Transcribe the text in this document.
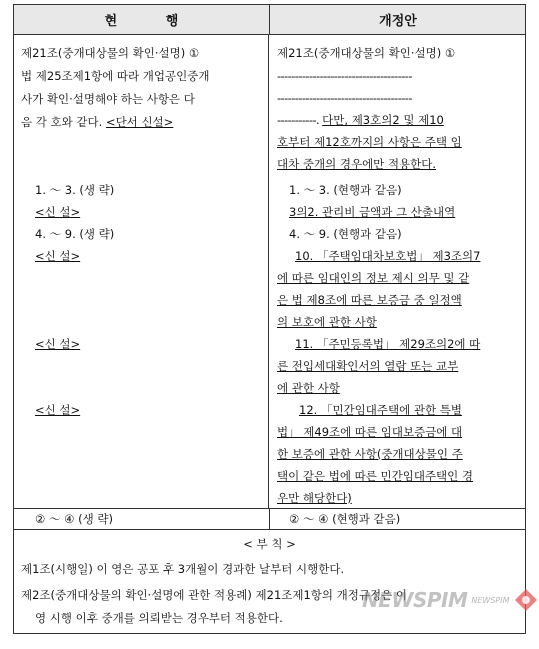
현 행	개정안
제21조(중개대상물의 확인·설명) ①
법 제25조제1항에 따라 개업공인중개
사가 확인·설명해야 하는 사항은 다
음 각 호와 같다. <단서 신설>
1. ～ 3. (생 략)
<신 설>
4. ～ 9. (생 략)
<신 설>
<신 설>
<신 설>
제21조(중개대상물의 확인·설명) ①
--------------------------------------
--------------------------------------
-----------. 다만, 제3호의2 및 제10
호부터 제12호까지의 사항은 주택 임
대차 중개의 경우에만 적용한다.
1. ～ 3. (현행과 같음)
3의2. 관리비 금액과 그 산출내역
4. ～ 9. (현행과 같음)
10. 「주택임대차보호법」 제3조의7
에 따른 임대인의 정보 제시 의무 및 같
은 법 제8조에 따른 보증금 중 일정액
의 보호에 관한 사항
11. 「주민등록법」 제29조의2에 따
른 전입세대확인서의 열람 또는 교부
에 관한 사항
12. 「민간임대주택에 관한 특별
법」 제49조에 따른 임대보증금에 대
한 보증에 관한 사항(중개대상물인 주
택이 같은 법에 따른 민간임대주택인 경
우만 해당한다)
② ～ ④ (생 략)	② ～ ④ (현행과 같음)
< 부 칙 >
제1조(시행일) 이 영은 공포 후 3개월이 경과한 날부터 시행한다.
제2조(중개대상물의 확인·설명에 관한 적용례) 제21조제1항의 개정규정은 이
영 시행 이후 중개를 의뢰받는 경우부터 적용한다.
NEWSPIM NEWSPIM
